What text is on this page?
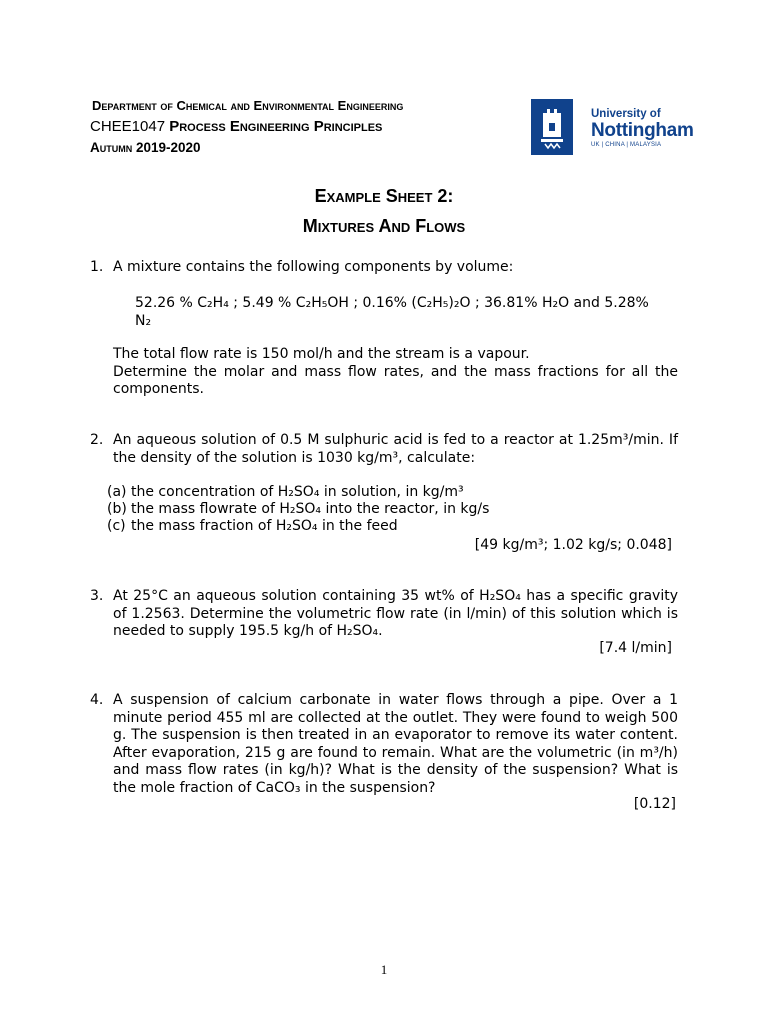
Department of Chemical and Environmental Engineering
CHEE1047 Process Engineering Principles
Autumn 2019-2020
University of
Nottingham
UK | CHINA | MALAYSIA
Example Sheet 2:
Mixtures And Flows
1. A mixture contains the following components by volume:
52.26 % C₂H₄ ; 5.49 % C₂H₅OH ; 0.16% (C₂H₅)₂O ; 36.81% H₂O and 5.28%
N₂
The total flow rate is 150 mol/h and the stream is a vapour.
Determine the molar and mass flow rates, and the mass fractions for all the components.
2. An aqueous solution of 0.5 M sulphuric acid is fed to a reactor at 1.25m³/min. If the density of the solution is 1030 kg/m³, calculate:
(a) the concentration of H₂SO₄ in solution, in kg/m³
(b) the mass flowrate of H₂SO₄ into the reactor, in kg/s
(c) the mass fraction of H₂SO₄ in the feed
[49 kg/m³; 1.02 kg/s; 0.048]
3. At 25°C an aqueous solution containing 35 wt% of H₂SO₄ has a specific gravity of 1.2563. Determine the volumetric flow rate (in l/min) of this solution which is needed to supply 195.5 kg/h of H₂SO₄.
[7.4 l/min]
4. A suspension of calcium carbonate in water flows through a pipe. Over a 1 minute period 455 ml are collected at the outlet. They were found to weigh 500 g. The suspension is then treated in an evaporator to remove its water content. After evaporation, 215 g are found to remain. What are the volumetric (in m³/h) and mass flow rates (in kg/h)? What is the density of the suspension? What is the mole fraction of CaCO₃ in the suspension?
[0.12]
1
